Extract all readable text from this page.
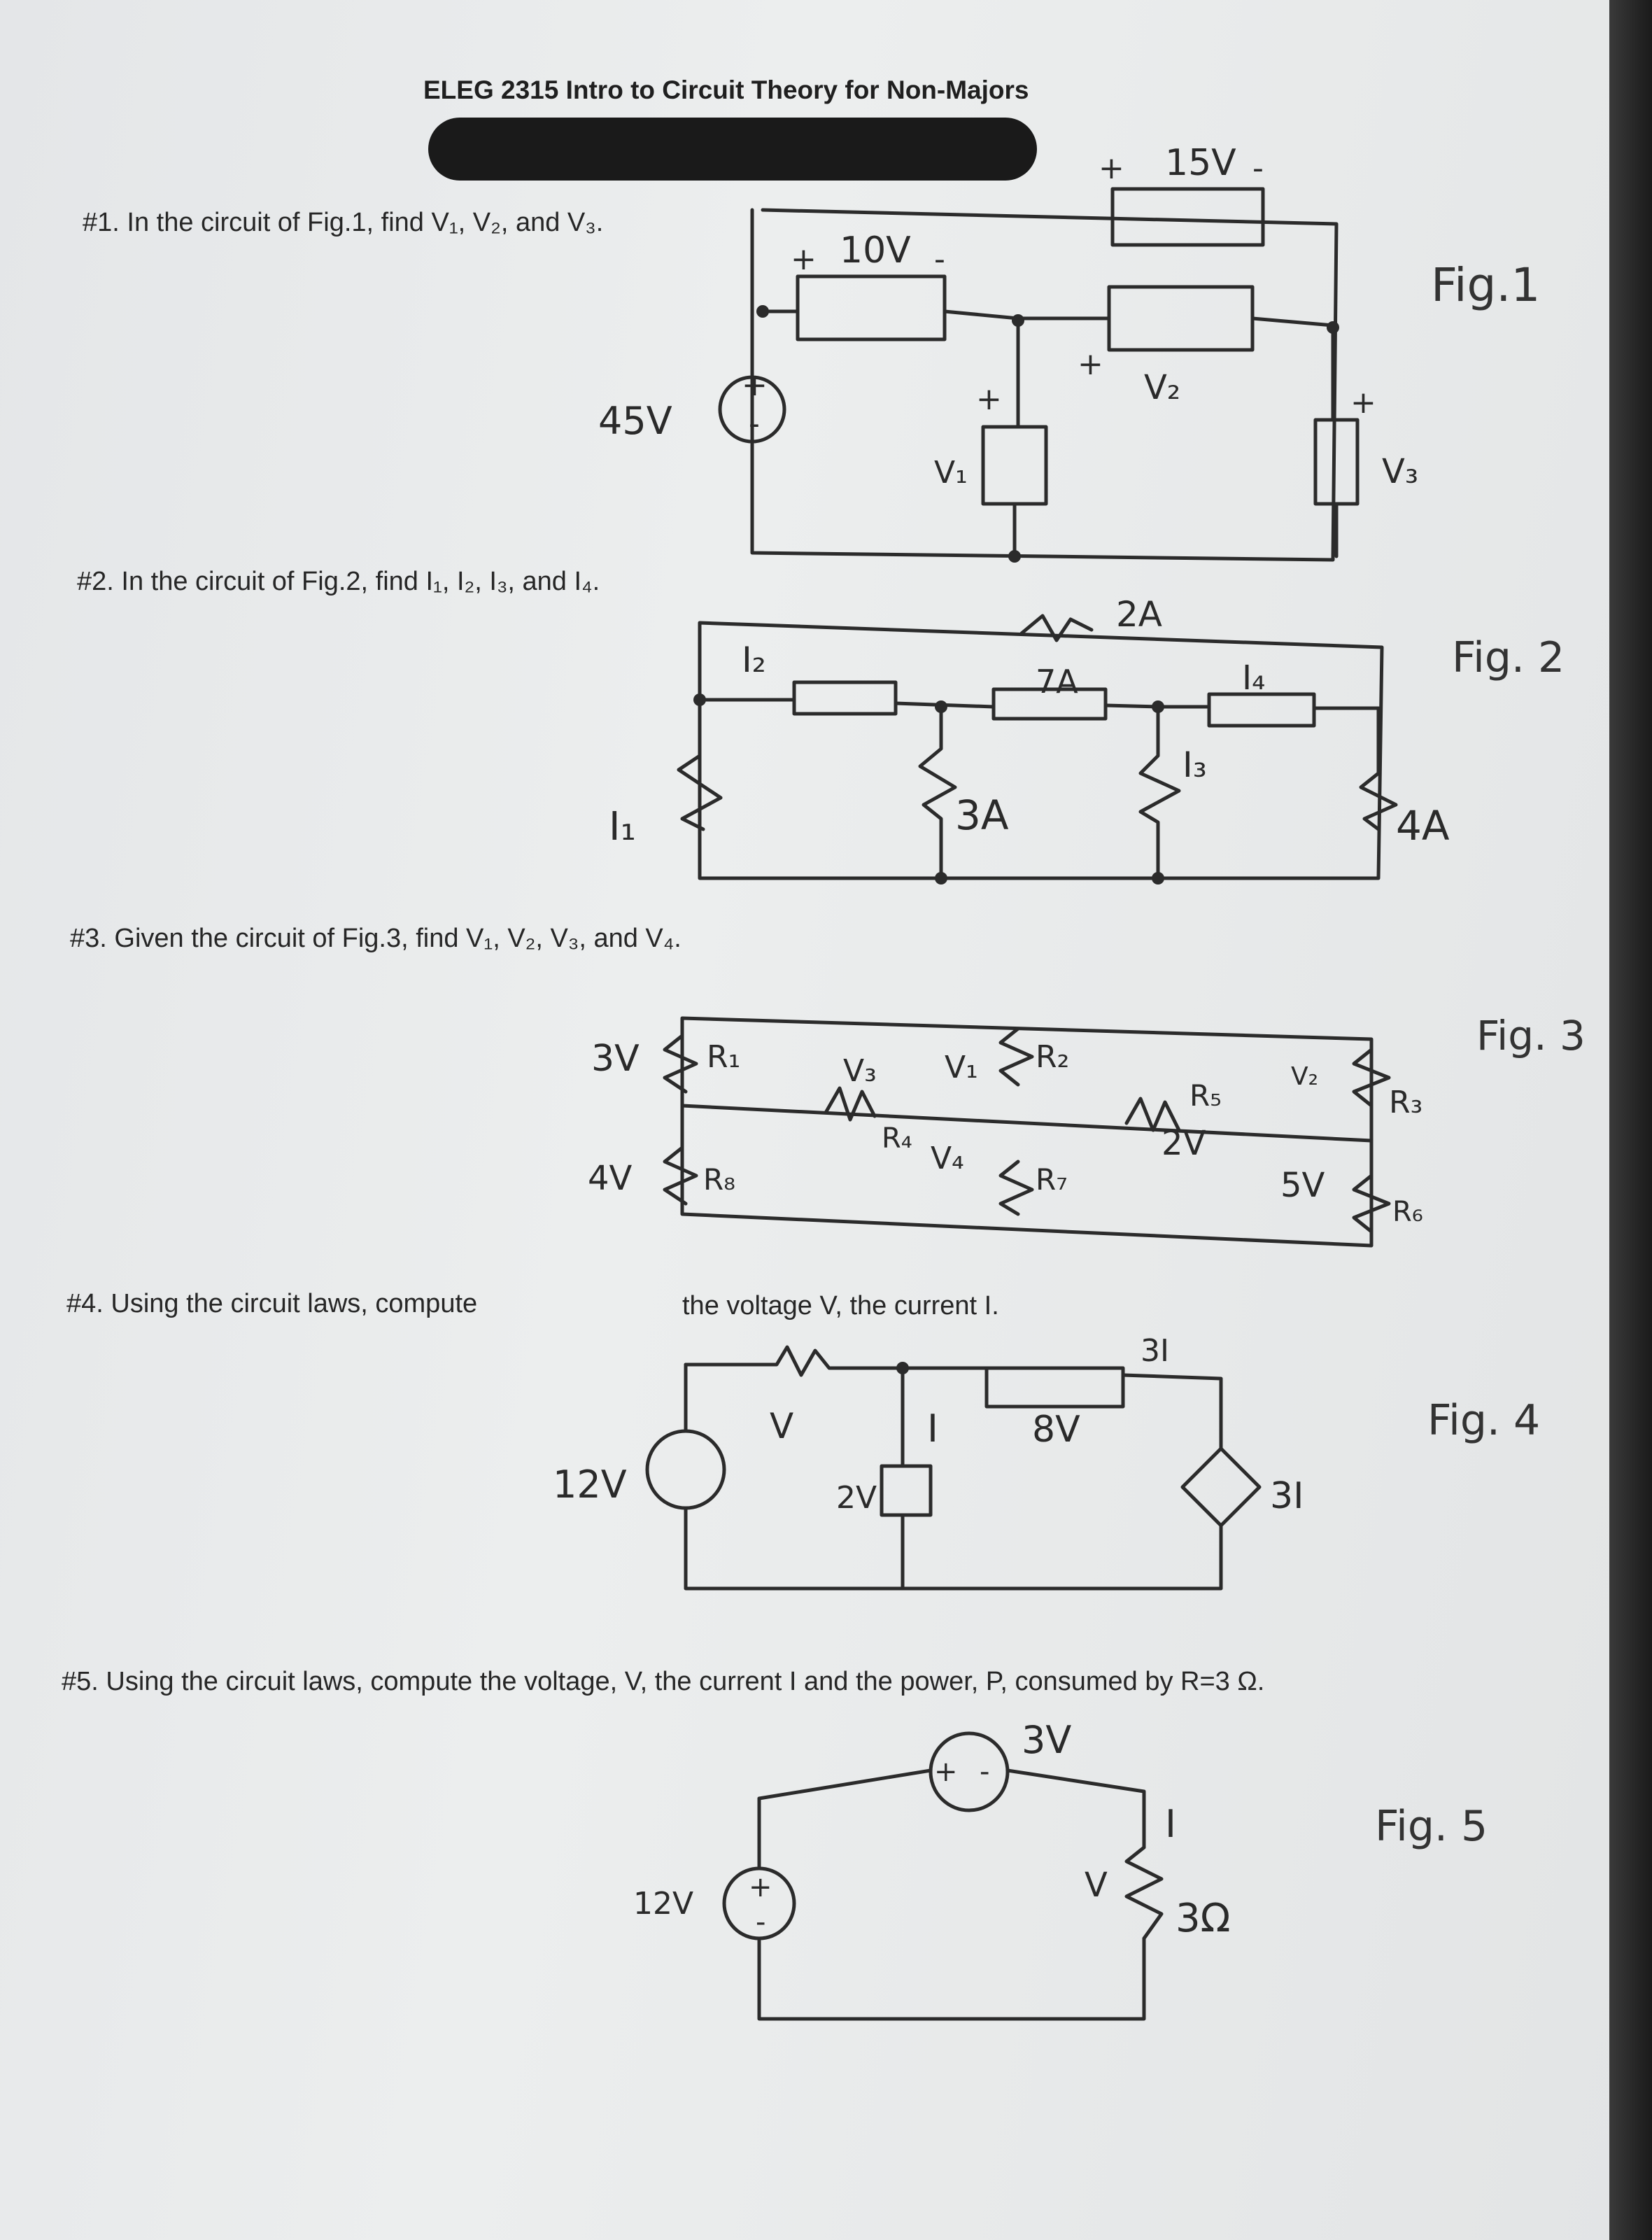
ELEG 2315 Intro to Circuit Theory for Non-Majors
#1. In the circuit of Fig.1, find V₁, V₂, and V₃.
#2. In the circuit of Fig.2, find I₁, I₂, I₃, and I₄.
#3. Given the circuit of Fig.3, find V₁, V₂, V₃, and V₄.
#4. Using the circuit laws, compute	the voltage V, the current I.
#5. Using the circuit laws, compute the voltage, V, the current I and the power, P, consumed by R=3 Ω.
Fig.1
45V
15V
10V
V₁
V₂
V₃
+
-
+	-
+	-
+
+	+
Fig. 2
I₁
I₂
I₃
I₄
2A
7A
3A	4A
Fig. 3
3V
4V
R₁	R₂
R₃
R₄
R₅
R₆
R₇
R₈
V₁	V₂
V₃
V₄	2V
5V
Fig. 4
12V
V	I
2V
8V
3I
3I
Fig. 5
12V
3V
3Ω
I
V
+ -
+
-
